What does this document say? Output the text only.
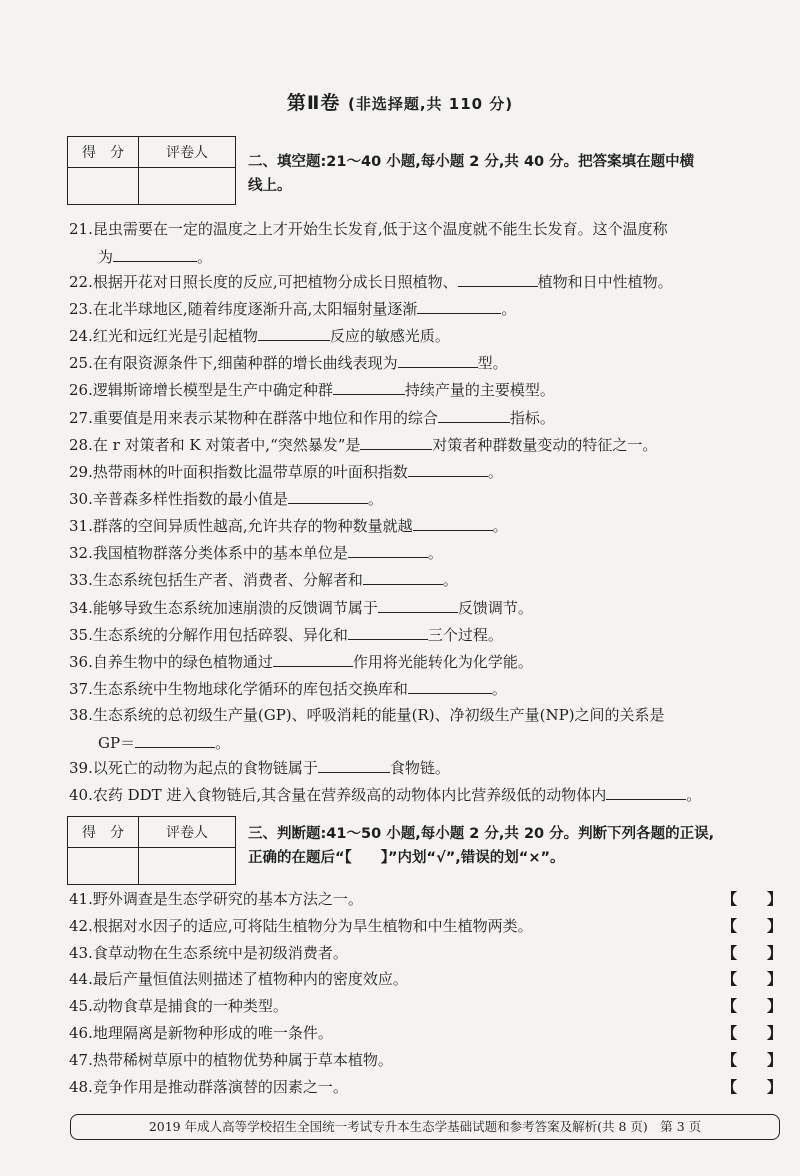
第Ⅱ卷 (非选择题,共 110 分)
得　分	评卷人

二、填空题:21～40 小题,每小题 2 分,共 40 分。把答案填在题中横
线上。
21.昆虫需要在一定的温度之上才开始生长发育,低于这个温度就不能生长发育。这个温度称
为	。
22.根据开花对日照长度的反应,可把植物分成长日照植物、	植物和日中性植物。
23.在北半球地区,随着纬度逐渐升高,太阳辐射量逐渐	。
24.红光和远红光是引起植物	反应的敏感光质。
25.在有限资源条件下,细菌种群的增长曲线表现为	型。
26.逻辑斯谛增长模型是生产中确定种群	持续产量的主要模型。
27.重要值是用来表示某物种在群落中地位和作用的综合	指标。
28.在 r 对策者和 K 对策者中,“突然暴发”是	对策者种群数量变动的特征之一。
29.热带雨林的叶面积指数比温带草原的叶面积指数	。
30.辛普森多样性指数的最小值是	。
31.群落的空间异质性越高,允许共存的物种数量就越	。
32.我国植物群落分类体系中的基本单位是	。
33.生态系统包括生产者、消费者、分解者和	。
34.能够导致生态系统加速崩溃的反馈调节属于	反馈调节。
35.生态系统的分解作用包括碎裂、异化和	三个过程。
36.自养生物中的绿色植物通过	作用将光能转化为化学能。
37.生态系统中生物地球化学循环的库包括交换库和	。
38.生态系统的总初级生产量(GP)、呼吸消耗的能量(R)、净初级生产量(NP)之间的关系是
GP＝	。
39.以死亡的动物为起点的食物链属于	食物链。
40.农药 DDT 进入食物链后,其含量在营养级高的动物体内比营养级低的动物体内	。
得　分	评卷人
		三、判断题:41～50 小题,每小题 2 分,共 20 分。判断下列各题的正误,
正确的在题后“【　　】”内划“√”,错误的划“×”。
41.野外调查是生态学研究的基本方法之一。	【　　】
42.根据对水因子的适应,可将陆生植物分为旱生植物和中生植物两类。	【　　】
43.食草动物在生态系统中是初级消费者。	【　　】
44.最后产量恒值法则描述了植物种内的密度效应。	【　　】
45.动物食草是捕食的一种类型。	【　　】
46.地理隔离是新物种形成的唯一条件。	【　　】
47.热带稀树草原中的植物优势种属于草本植物。	【　　】
48.竞争作用是推动群落演替的因素之一。	【　　】
2019 年成人高等学校招生全国统一考试专升本生态学基础试题和参考答案及解析(共 8 页)　第 3 页
